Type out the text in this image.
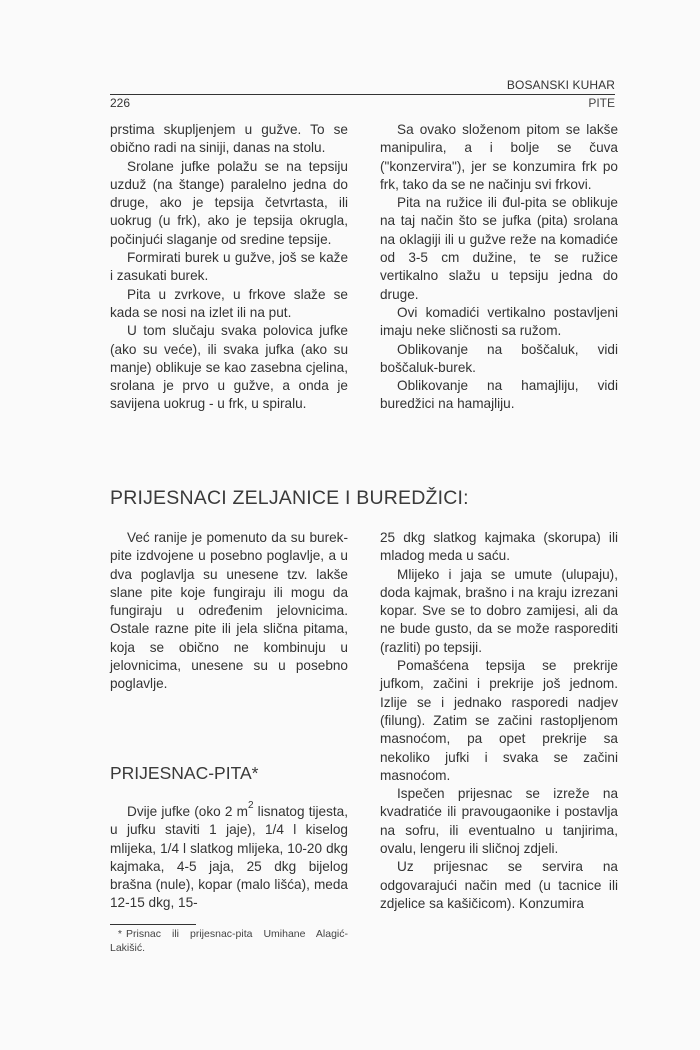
BOSANSKI KUHAR
226	PITE

prstima skupljenjem u gužve. To se obično radi na siniji, danas na stolu.

Srolane jufke polažu se na tepsiju uzduž (na štange) paralelno jedna do druge, ako je tepsija četvrtasta, ili uokrug (u frk), ako je tepsija okrugla, počinjući slaganje od sredine tepsije.

Formirati burek u gužve, još se kaže i zasukati burek.

Pita u zvrkove, u frkove slaže se kada se nosi na izlet ili na put.

U tom slučaju svaka polovica jufke (ako su veće), ili svaka jufka (ako su manje) oblikuje se kao zasebna cjelina, srolana je prvo u gužve, a onda je savijena uokrug - u frk, u spiralu.

Sa ovako složenom pitom se lakše manipulira, a i bolje se čuva ("konzervira"), jer se konzumira frk po frk, tako da se ne načinju svi frkovi.

Pita na ružice ili đul-pita se oblikuje na taj način što se jufka (pita) srolana na oklagiji ili u gužve reže na komadiće od 3-5 cm dužine, te se ružice vertikalno slažu u tepsiju jedna do druge.

Ovi komadići vertikalno postavljeni imaju neke sličnosti sa ružom.

Oblikovanje na boščaluk, vidi boščaluk-burek.

Oblikovanje na hamajliju, vidi buredžici na hamajliju.

PRIJESNACI ZELJANICE I BUREDŽICI:

Već ranije je pomenuto da su burek-pite izdvojene u posebno poglavlje, a u dva poglavlja su unesene tzv. lakše slane pite koje fungiraju ili mogu da fungiraju u određenim jelovnicima. Ostale razne pite ili jela slična pitama, koja se obično ne kombinuju u jelovnicima, unesene su u posebno poglavlje.

PRIJESNAC-PITA*

Dvije jufke (oko 2 $m^2$ lisnatog tijesta, u jufku staviti 1 jaje), 1/4 l kiselog mlijeka, 1/4 l slatkog mlijeka, 10-20 dkg kajmaka, 4-5 jaja, 25 dkg bijelog brašna (nule), kopar (malo lišća), meda 12-15 dkg, 15-

* Prisnac ili prijesnac-pita Umihane Alagić-Lakišić.

25 dkg slatkog kajmaka (skorupa) ili mladog meda u saću.

Mlijeko i jaja se umute (ulupaju), doda kajmak, brašno i na kraju izrezani kopar. Sve se to dobro zamijesi, ali da ne bude gusto, da se može rasporediti (razliti) po tepsiji.

Pomašćena tepsija se prekrije jufkom, začini i prekrije još jednom. Izlije se i jednako rasporedi nadjev (filung). Zatim se začini rastopljenom masnoćom, pa opet prekrije sa nekoliko jufki i svaka se začini masnoćom.

Ispečen prijesnac se izreže na kvadratiće ili pravougaonike i postavlja na sofru, ili eventualno u tanjirima, ovalu, lengeru ili sličnoj zdjeli.

Uz prijesnac se servira na odgovarajući način med (u tacnice ili zdjelice sa kašičicom). Konzumira
